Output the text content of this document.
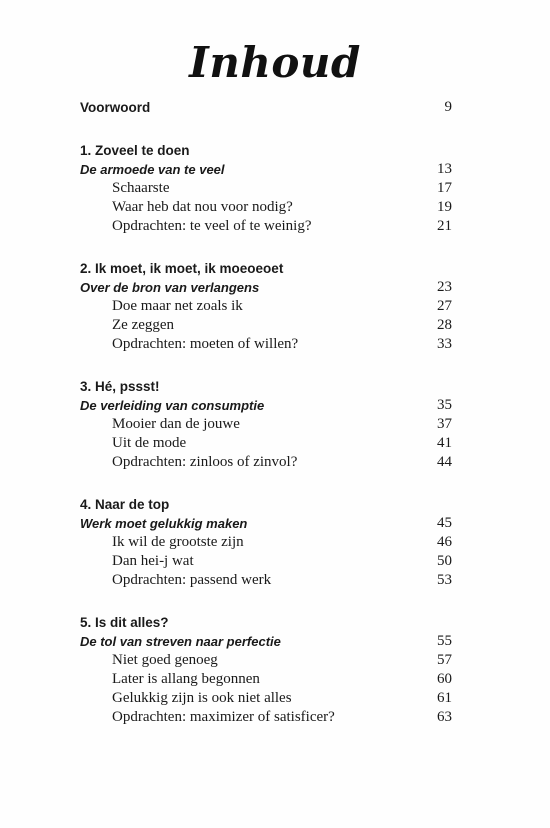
Inhoud
Voorwoord	9
1. Zoveel te doen
De armoede van te veel	13
Schaarste	17
Waar heb dat nou voor nodig?	19
Opdrachten: te veel of te weinig?	21
2. Ik moet, ik moet, ik moeoeoet
Over de bron van verlangens	23
Doe maar net zoals ik	27
Ze zeggen	28
Opdrachten: moeten of willen?	33
3. Hé, pssst!
De verleiding van consumptie	35
Mooier dan de jouwe	37
Uit de mode	41
Opdrachten: zinloos of zinvol?	44
4. Naar de top
Werk moet gelukkig maken	45
Ik wil de grootste zijn	46
Dan hei-j wat	50
Opdrachten: passend werk	53
5. Is dit alles?
De tol van streven naar perfectie	55
Niet goed genoeg	57
Later is allang begonnen	60
Gelukkig zijn is ook niet alles	61
Opdrachten: maximizer of satisficer?	63
